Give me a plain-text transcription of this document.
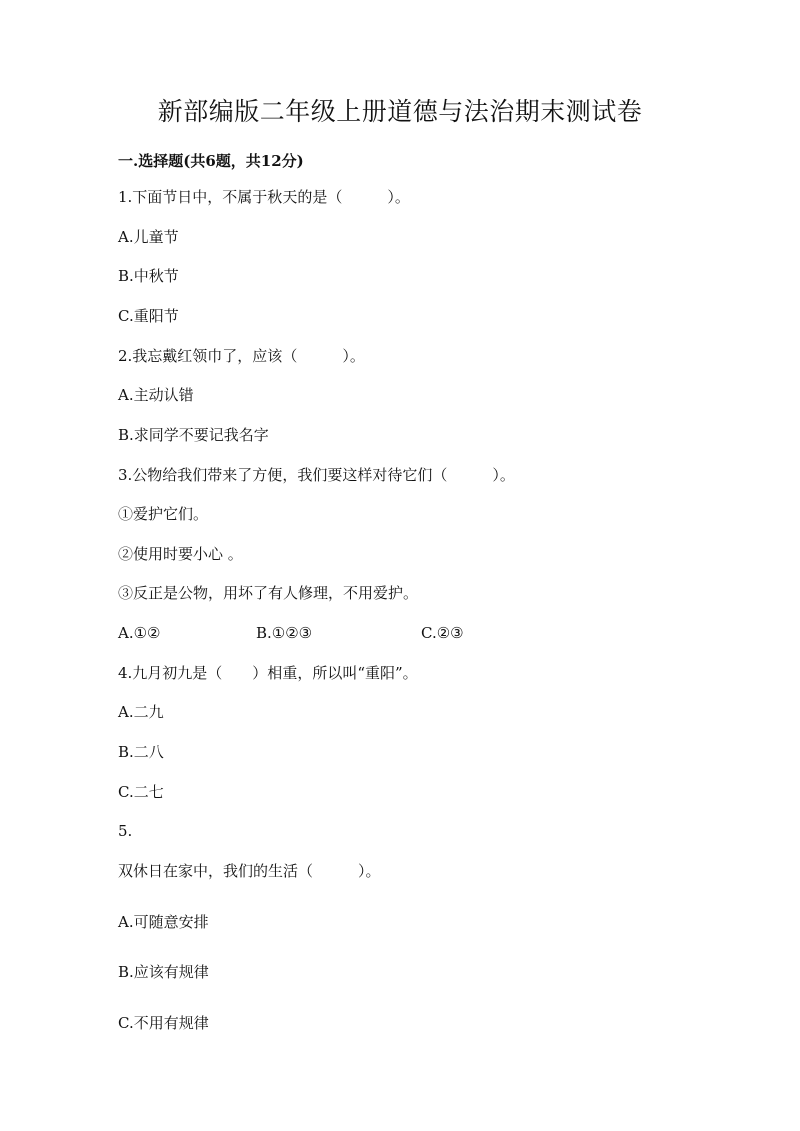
新部编版二年级上册道德与法治期末测试卷
一.选择题(共6题，共12分)
1.下面节日中，不属于秋天的是（　　　）。
A.儿童节
B.中秋节
C.重阳节
2.我忘戴红领巾了，应该（　　　）。
A.主动认错
B.求同学不要记我名字
3.公物给我们带来了方便，我们要这样对待它们（　　　）。
①爱护它们。
②使用时要小心 。
③反正是公物，用坏了有人修理，不用爱护。
A.①②	B.①②③	C.②③
4.九月初九是（　　）相重，所以叫“重阳”。
A.二九
B.二八
C.二七
5.
双休日在家中，我们的生活（　　　）。
A.可随意安排
B.应该有规律
C.不用有规律
